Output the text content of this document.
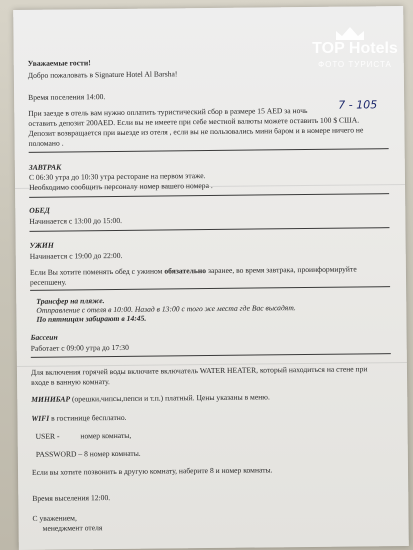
Уважаемые гости!
Добро пожаловать в Signature Hotel Al Barsha!
Время поселения 14:00.
При заезде в отель вам нужно оплатить туристический сбор в размере 15 AED за ночь
7 - 105
оставить депозит 200AED. Если вы не имеете при себе местной валюты можете оставить 100 $ США.
Депозит возвращается при выезде из отеля , если вы не пользовались мини баром и в номере ничего не
поломано .
ЗАВТРАК
С 06:30 утра до 10:30 утра ресторане на первом этаже.
Необходимо сообщить персоналу номер вашего номера .
ОБЕД
Начинается с 13:00 до 15:00.
УЖИН
Начинается с 19:00 до 22:00.
Если Вы хотите поменять обед с ужином обязательно заранее, во время завтрака, проинформируйте
ресепшену.
Трансфер на пляже.
Отправление с отеля в 10:00. Назад в 13:00 с того же места где Вас высадят.
По пятницам забирают в 14:45.
Бассеин
Работает с 09:00 утра до 17:30
Для включения горячей воды включите включатель WATER HEATER, который находиться на стене при
входе в ванную комнату.
МИНИБАР (орешки,чипсы,пепси и т.п.) платный. Цены указаны в меню.
WIFI в гостинице бесплатно.
USER -           номер комнаты,
PASSWORD – 8 номер комнаты.
Если вы хотите позвонить в другую комнату, наберите 8 и номер комнаты.
Время выселения 12:00.
С уважением,
менеджмент отеля
TOP Hotels
ФОТО ТУРИСТА
